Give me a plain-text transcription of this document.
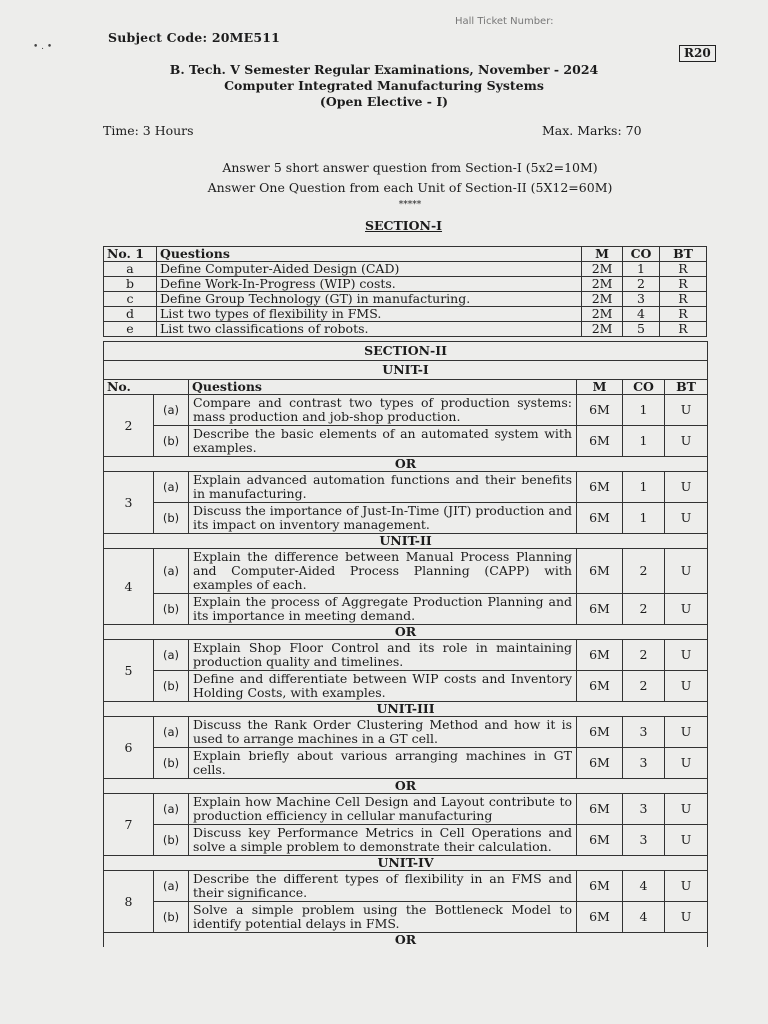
Hall Ticket Number:
Subject Code: 20ME511
• . •	R20
B. Tech. V Semester Regular Examinations, November - 2024
Computer Integrated Manufacturing Systems
(Open Elective - I)
Time: 3 Hours	Max. Marks: 70
Answer 5 short answer question from Section-I (5x2=10M)
Answer One Question from each Unit of Section-II (5X12=60M)
*****
SECTION-I
No. 1	Questions	M	CO	BT
a	Define Computer-Aided Design (CAD)	2M	1	R
b	Define Work-In-Progress (WIP) costs.	2M	2	R
c	Define Group Technology (GT) in manufacturing.	2M	3	R
d	List two types of flexibility in FMS.	2M	4	R
e	List two classifications of robots.	2M	5	R
SECTION-II					
UNIT-I					
No.		Questions	M	CO	BT
2	(a)	Compare and contrast two types of production systems: mass production and job-shop production.	6M	1	U
	(b)	Describe the basic elements of an automated system with examples.	6M	1	U
OR					
3	(a)	Explain advanced automation functions and their benefits in manufacturing.	6M	1	U
	(b)	Discuss the importance of Just-In-Time (JIT) production and its impact on inventory management.	6M	1	U
UNIT-II					
4	(a)	Explain the difference between Manual Process Planning and Computer-Aided Process Planning (CAPP) with examples of each.	6M	2	U
	(b)	Explain the process of Aggregate Production Planning and its importance in meeting demand.	6M	2	U
OR					
5	(a)	Explain Shop Floor Control and its role in maintaining production quality and timelines.	6M	2	U
	(b)	Define and differentiate between WIP costs and Inventory Holding Costs, with examples.	6M	2	U
UNIT-III					
6	(a)	Discuss the Rank Order Clustering Method and how it is used to arrange machines in a GT cell.	6M	3	U
	(b)	Explain briefly about various arranging machines in GT cells.	6M	3	U
OR					
7	(a)	Explain how Machine Cell Design and Layout contribute to production efficiency in cellular manufacturing	6M	3	U
	(b)	Discuss key Performance Metrics in Cell Operations and solve a simple problem to demonstrate their calculation.	6M	3	U
UNIT-IV					
8	(a)	Describe the different types of flexibility in an FMS and their significance.	6M	4	U
	(b)	Solve a simple problem using the Bottleneck Model to identify potential delays in FMS.	6M	4	U
OR					
